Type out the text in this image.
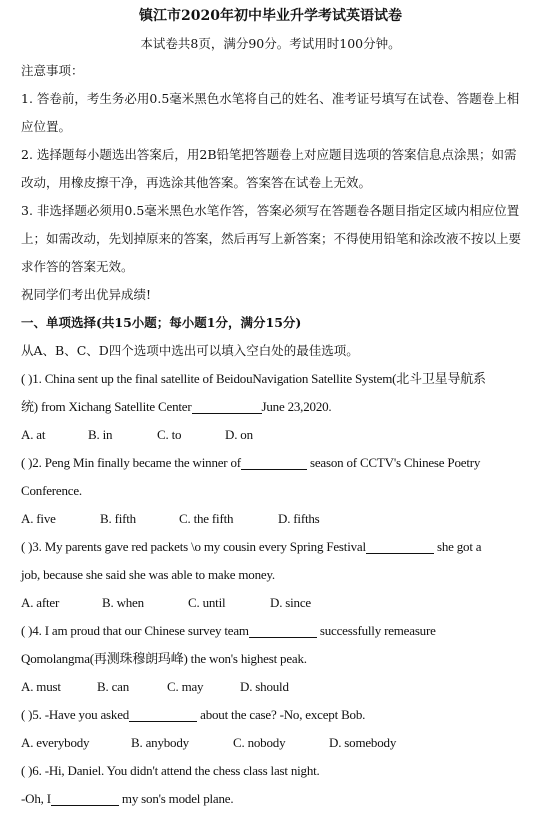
镇江市2020年初中毕业升学考试英语试卷
本试卷共8页，满分90分。考试用时100分钟。
注意事项：
1. 答卷前，考生务必用0.5毫米黑色水笔将自己的姓名、准考证号填写在试卷、答题卷上相
应位置。
2. 选择题每小题选出答案后，用2B铅笔把答题卷上对应题目选项的答案信息点涂黑；如需
改动，用橡皮擦干净，再选涂其他答案。答案答在试卷上无效。
3. 非选择题必须用0.5毫米黑色水笔作答，答案必须写在答题卷各题目指定区域内相应位置
上；如需改动，先划掉原来的答案，然后再写上新答案；不得使用铅笔和涂改液不按以上要
求作答的答案无效。
祝同学们考出优异成绩!
一、单项选择(共15小题；每小题1分，满分15分)
从A、B、C、D四个选项中选出可以填入空白处的最佳选项。
( )1. China sent up the final satellite of BeidouNavigation Satellite System(北斗卫星导航系
统) from Xichang Satellite Center	June 23,2020.
A. at	B. in	C. to	D. on
( )2. Peng Min finally became the winner of	season of CCTV's Chinese Poetry
Conference.
A. five	B. fifth	C. the fifth	D. fifths
( )3. My parents gave red packets \o my cousin every Spring Festival	she got a
job, because she said she was able to make money.
A. after	B. when	C. until	D. since
( )4. I am proud that our Chinese survey team	successfully remeasure
Qomolangma(再测珠穆朗玛峰) the won's highest peak.
A. must	B. can	C. may	D. should
( )5. -Have you asked	about the case? -No, except Bob.
A. everybody	B. anybody	C. nobody	D. somebody
( )6. -Hi, Daniel. You didn't attend the chess class last night.
-Oh, I	my son's model plane.
